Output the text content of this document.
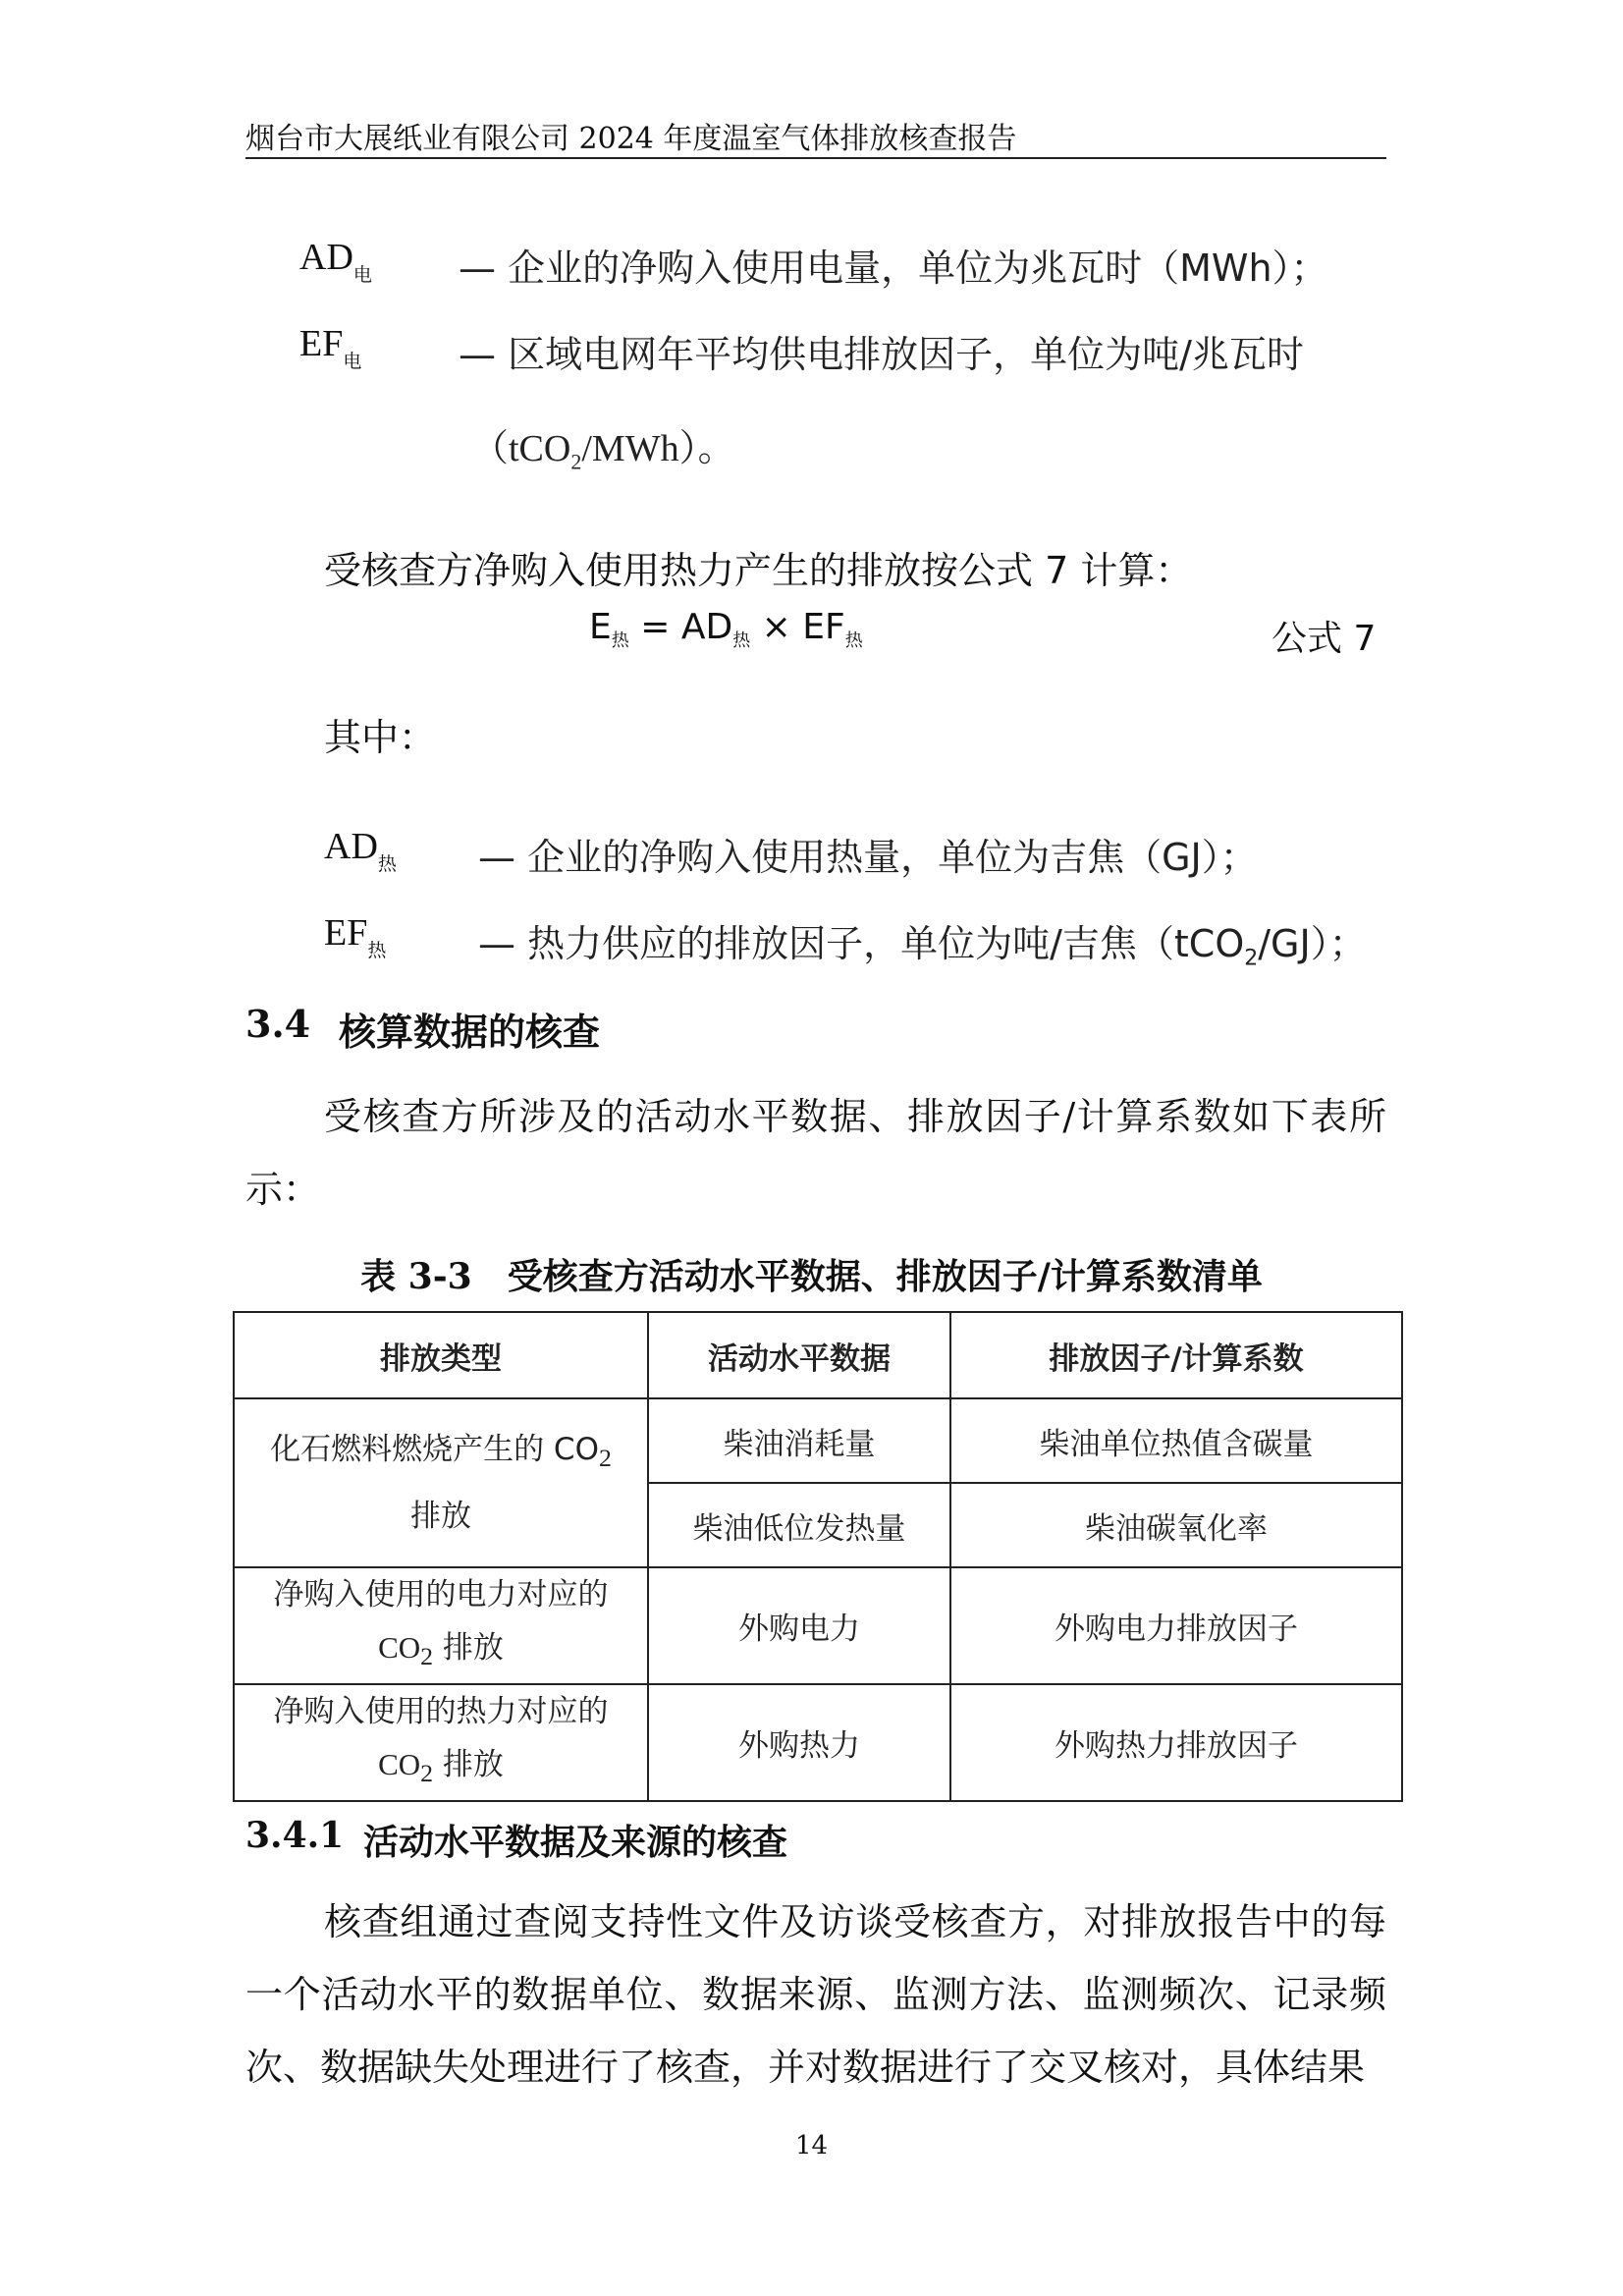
烟台市大展纸业有限公司 2024 年度温室气体排放核查报告
$AD_电$ — 企业的净购入使用电量，单位为兆瓦时（MWh）；
$EF_电$	— 区域电网年平均供电排放因子，单位为吨/兆瓦时
（tCO$_2$/MWh）。
受核查方净购入使用热力产生的排放按公式 7 计算：
$E_热 = AD_热 \times EF_热$	公式 7
其中：
$AD_热$ — 企业的净购入使用热量，单位为吉焦（GJ）；
$EF_热$ — 热力供应的排放因子，单位为吨/吉焦（tCO$_2$/GJ）；
3.4 核算数据的核查

受核查方所涉及的活动水平数据、排放因子/计算系数如下表所示：

表 3-3　受核查方活动水平数据、排放因子/计算系数清单
排放类型	活动水平数据	排放因子/计算系数
化石燃料燃烧产生的 $CO_2$
排放	柴油消耗量	柴油单位热值含碳量
	柴油低位发热量	柴油碳氧化率
净购入使用的电力对应的
$CO_2$ 排放	外购电力	外购电力排放因子
净购入使用的热力对应的
$CO_2$ 排放	外购热力	外购热力排放因子
3.4.1 活动水平数据及来源的核查

核查组通过查阅支持性文件及访谈受核查方，对排放报告中的每一个活动水平的数据单位、数据来源、监测方法、监测频次、记录频次、数据缺失处理进行了核查，并对数据进行了交叉核对，具体结果

14
